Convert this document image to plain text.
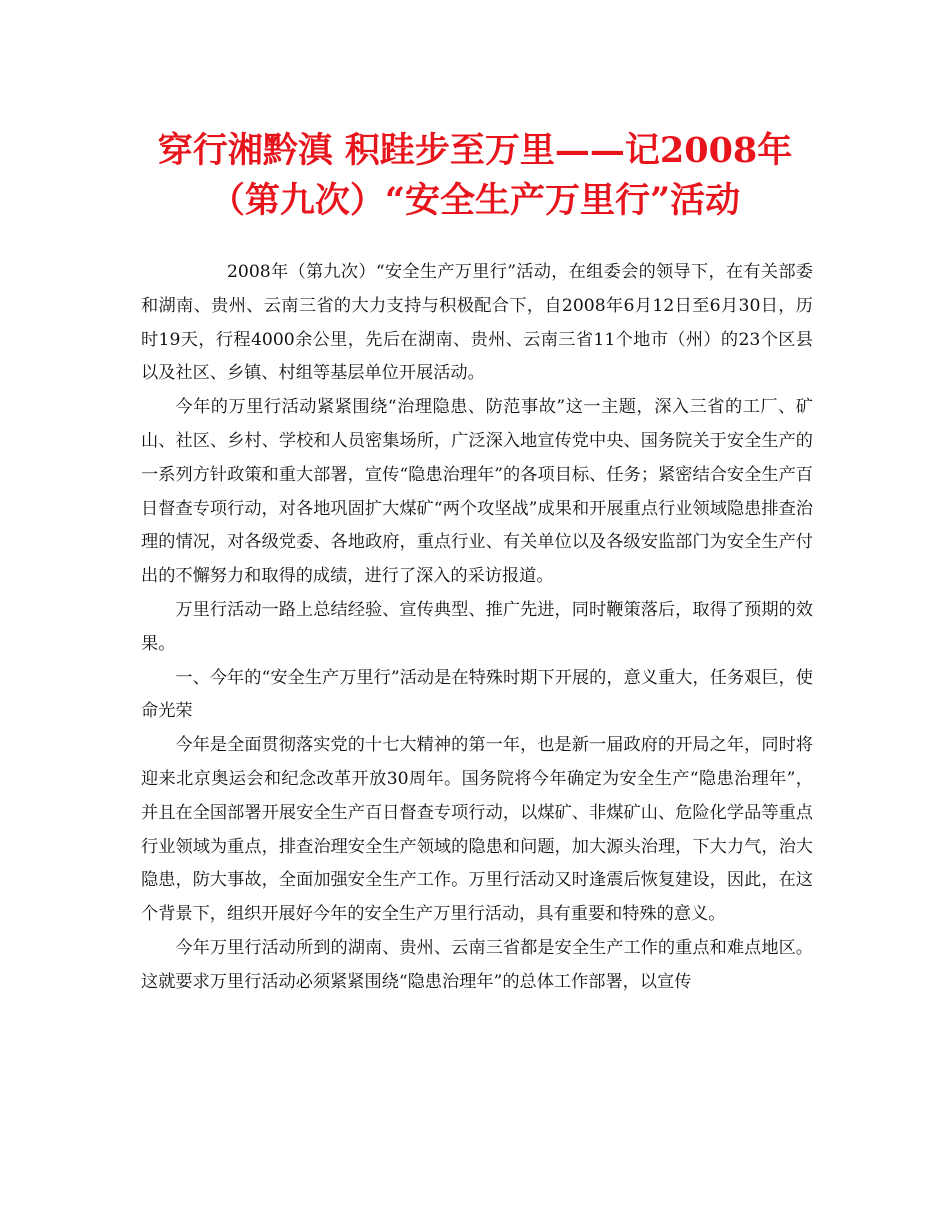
穿行湘黔滇 积跬步至万里——记2008年
（第九次）“安全生产万里行”活动

2008年（第九次）“安全生产万里行”活动，在组委会的领导下，在有关部委和湖南、贵州、云南三省的大力支持与积极配合下，自2008年6月12日至6月30日，历时19天，行程4000余公里，先后在湖南、贵州、云南三省11个地市（州）的23个区县以及社区、乡镇、村组等基层单位开展活动。

今年的万里行活动紧紧围绕“治理隐患、防范事故”这一主题，深入三省的工厂、矿山、社区、乡村、学校和人员密集场所，广泛深入地宣传党中央、国务院关于安全生产的一系列方针政策和重大部署，宣传“隐患治理年”的各项目标、任务；紧密结合安全生产百日督查专项行动，对各地巩固扩大煤矿“两个攻坚战”成果和开展重点行业领域隐患排查治理的情况，对各级党委、各地政府，重点行业、有关单位以及各级安监部门为安全生产付出的不懈努力和取得的成绩，进行了深入的采访报道。

万里行活动一路上总结经验、宣传典型、推广先进，同时鞭策落后，取得了预期的效果。

一、今年的“安全生产万里行”活动是在特殊时期下开展的，意义重大，任务艰巨，使命光荣

今年是全面贯彻落实党的十七大精神的第一年，也是新一届政府的开局之年，同时将迎来北京奥运会和纪念改革开放30周年。国务院将今年确定为安全生产“隐患治理年”，并且在全国部署开展安全生产百日督查专项行动，以煤矿、非煤矿山、危险化学品等重点行业领域为重点，排查治理安全生产领域的隐患和问题，加大源头治理，下大力气，治大隐患，防大事故，全面加强安全生产工作。万里行活动又时逢震后恢复建设，因此，在这个背景下，组织开展好今年的安全生产万里行活动，具有重要和特殊的意义。

今年万里行活动所到的湖南、贵州、云南三省都是安全生产工作的重点和难点地区。这就要求万里行活动必须紧紧围绕“隐患治理年”的总体工作部署，以宣传
